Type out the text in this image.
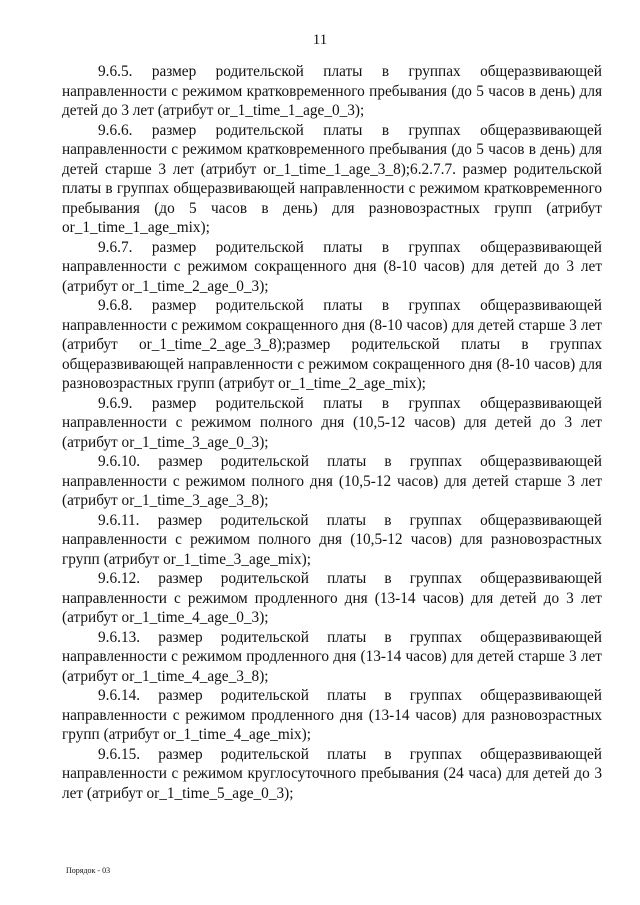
11

9.6.5. размер родительской платы в группах общеразвивающей направленности с режимом кратковременного пребывания (до 5 часов в день) для детей до 3 лет (атрибут or_1_time_1_age_0_3);

9.6.6. размер родительской платы в группах общеразвивающей направленности с режимом кратковременного пребывания (до 5 часов в день) для детей старше 3 лет (атрибут or_1_time_1_age_3_8);6.2.7.7. размер родительской платы в группах общеразвивающей направленности с режимом кратковременного пребывания (до 5 часов в день) для разновозрастных групп (атрибут or_1_time_1_age_mix);

9.6.7. размер родительской платы в группах общеразвивающей направленности с режимом сокращенного дня (8-10 часов) для детей до 3 лет (атрибут or_1_time_2_age_0_3);

9.6.8. размер родительской платы в группах общеразвивающей направленности с режимом сокращенного дня (8-10 часов) для детей старше 3 лет (атрибут or_1_time_2_age_3_8);размер родительской платы в группах общеразвивающей направленности с режимом сокращенного дня (8-10 часов) для разновозрастных групп (атрибут or_1_time_2_age_mix);

9.6.9. размер родительской платы в группах общеразвивающей направленности с режимом полного дня (10,5-12 часов) для детей до 3 лет (атрибут or_1_time_3_age_0_3);

9.6.10. размер родительской платы в группах общеразвивающей направленности с режимом полного дня (10,5-12 часов) для детей старше 3 лет (атрибут or_1_time_3_age_3_8);

9.6.11. размер родительской платы в группах общеразвивающей направленности с режимом полного дня (10,5-12 часов) для разновозрастных групп (атрибут or_1_time_3_age_mix);

9.6.12. размер родительской платы в группах общеразвивающей направленности с режимом продленного дня (13-14 часов) для детей до 3 лет (атрибут or_1_time_4_age_0_3);

9.6.13. размер родительской платы в группах общеразвивающей направленности с режимом продленного дня (13-14 часов) для детей старше 3 лет (атрибут or_1_time_4_age_3_8);

9.6.14. размер родительской платы в группах общеразвивающей направленности с режимом продленного дня (13-14 часов) для разновозрастных групп (атрибут or_1_time_4_age_mix);

9.6.15. размер родительской платы в группах общеразвивающей направленности с режимом круглосуточного пребывания (24 часа) для детей до 3 лет (атрибут or_1_time_5_age_0_3);

Порядок - 03
